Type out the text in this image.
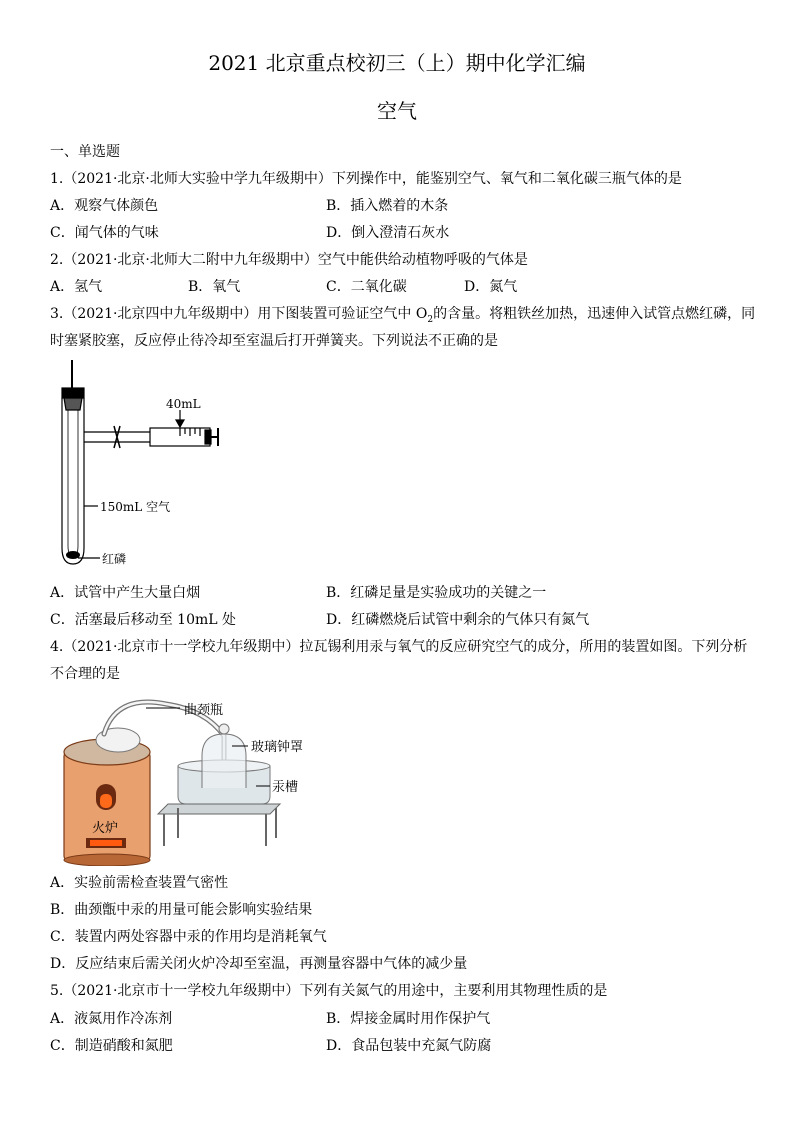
2021 北京重点校初三（上）期中化学汇编
空气
一、单选题
1.（2021·北京·北师大实验中学九年级期中）下列操作中，能鉴别空气、氧气和二氧化碳三瓶气体的是
A．观察气体颜色	B．插入燃着的木条
C．闻气体的气味	D．倒入澄清石灰水
2.（2021·北京·北师大二附中九年级期中）空气中能供给动植物呼吸的气体是
A．氢气	B．氧气	C．二氧化碳	D．氮气
3.（2021·北京四中九年级期中）用下图装置可验证空气中 $O_2$的含量。将粗铁丝加热，迅速伸入试管点燃红磷，同
时塞紧胶塞，反应停止待冷却至室温后打开弹簧夹。下列说法不正确的是
40mL
150mL 空气
红磷
A．试管中产生大量白烟	B．红磷足量是实验成功的关键之一
C．活塞最后移动至 10mL 处	D．红磷燃烧后试管中剩余的气体只有氮气
4.（2021·北京市十一学校九年级期中）拉瓦锡利用汞与氧气的反应研究空气的成分，所用的装置如图。下列分析
不合理的是
火炉
曲颈瓶
玻璃钟罩
汞槽
A．实验前需检查装置气密性
B．曲颈甑中汞的用量可能会影响实验结果
C．装置内两处容器中汞的作用均是消耗氧气
D．反应结束后需关闭火炉冷却至室温，再测量容器中气体的减少量
5.（2021·北京市十一学校九年级期中）下列有关氮气的用途中，主要利用其物理性质的是
A．液氮用作冷冻剂	B．焊接金属时用作保护气
C．制造硝酸和氮肥	D．食品包装中充氮气防腐
